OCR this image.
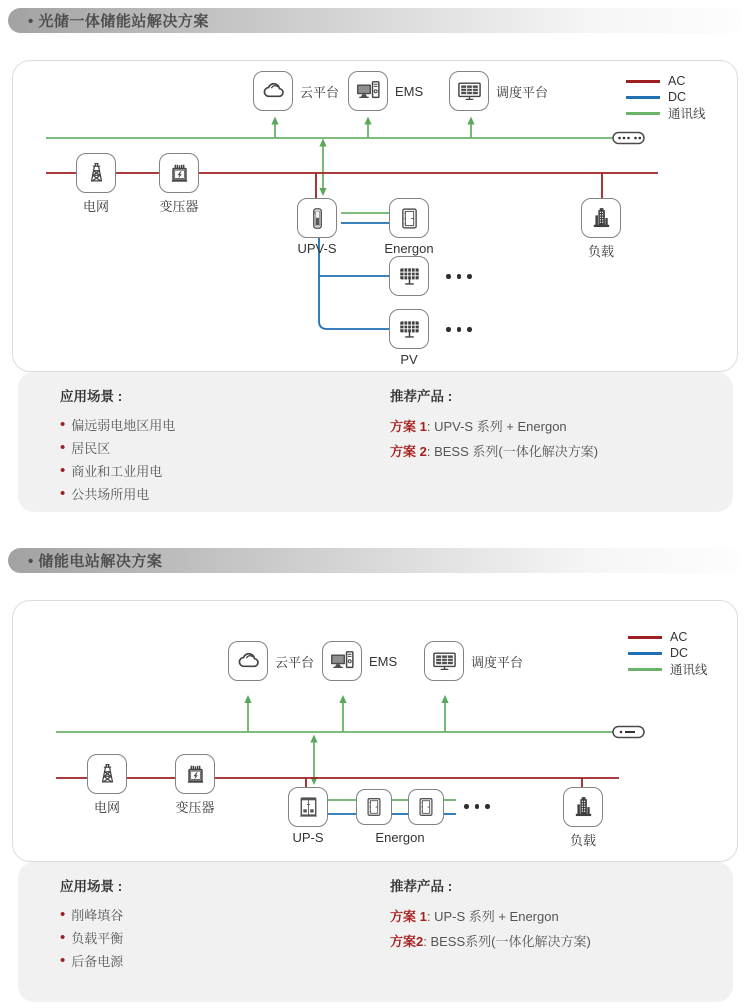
• 光储一体储能站解决方案
AC
DC
通讯线
云平台	EMS	调度平台
电网	变压器
UPV-S	Energon	负载
PV

应用场景 :

• 偏远弱电地区用电
• 居民区
• 商业和工业用电
• 公共场所用电

推荐产品 :

方案 1 : UPV-S 系列 + Energon
方案 2 : BESS 系列(一体化解决方案)
• 储能电站解决方案
AC
DC
通讯线
云平台	EMS	调度平台
电网	变压器
UP-S	Energon	负载

应用场景 :

• 削峰填谷
• 负载平衡
• 后备电源

推荐产品 :

方案 1 : UP-S 系列 + Energon
方案2 : BESS系列(一体化解决方案)
